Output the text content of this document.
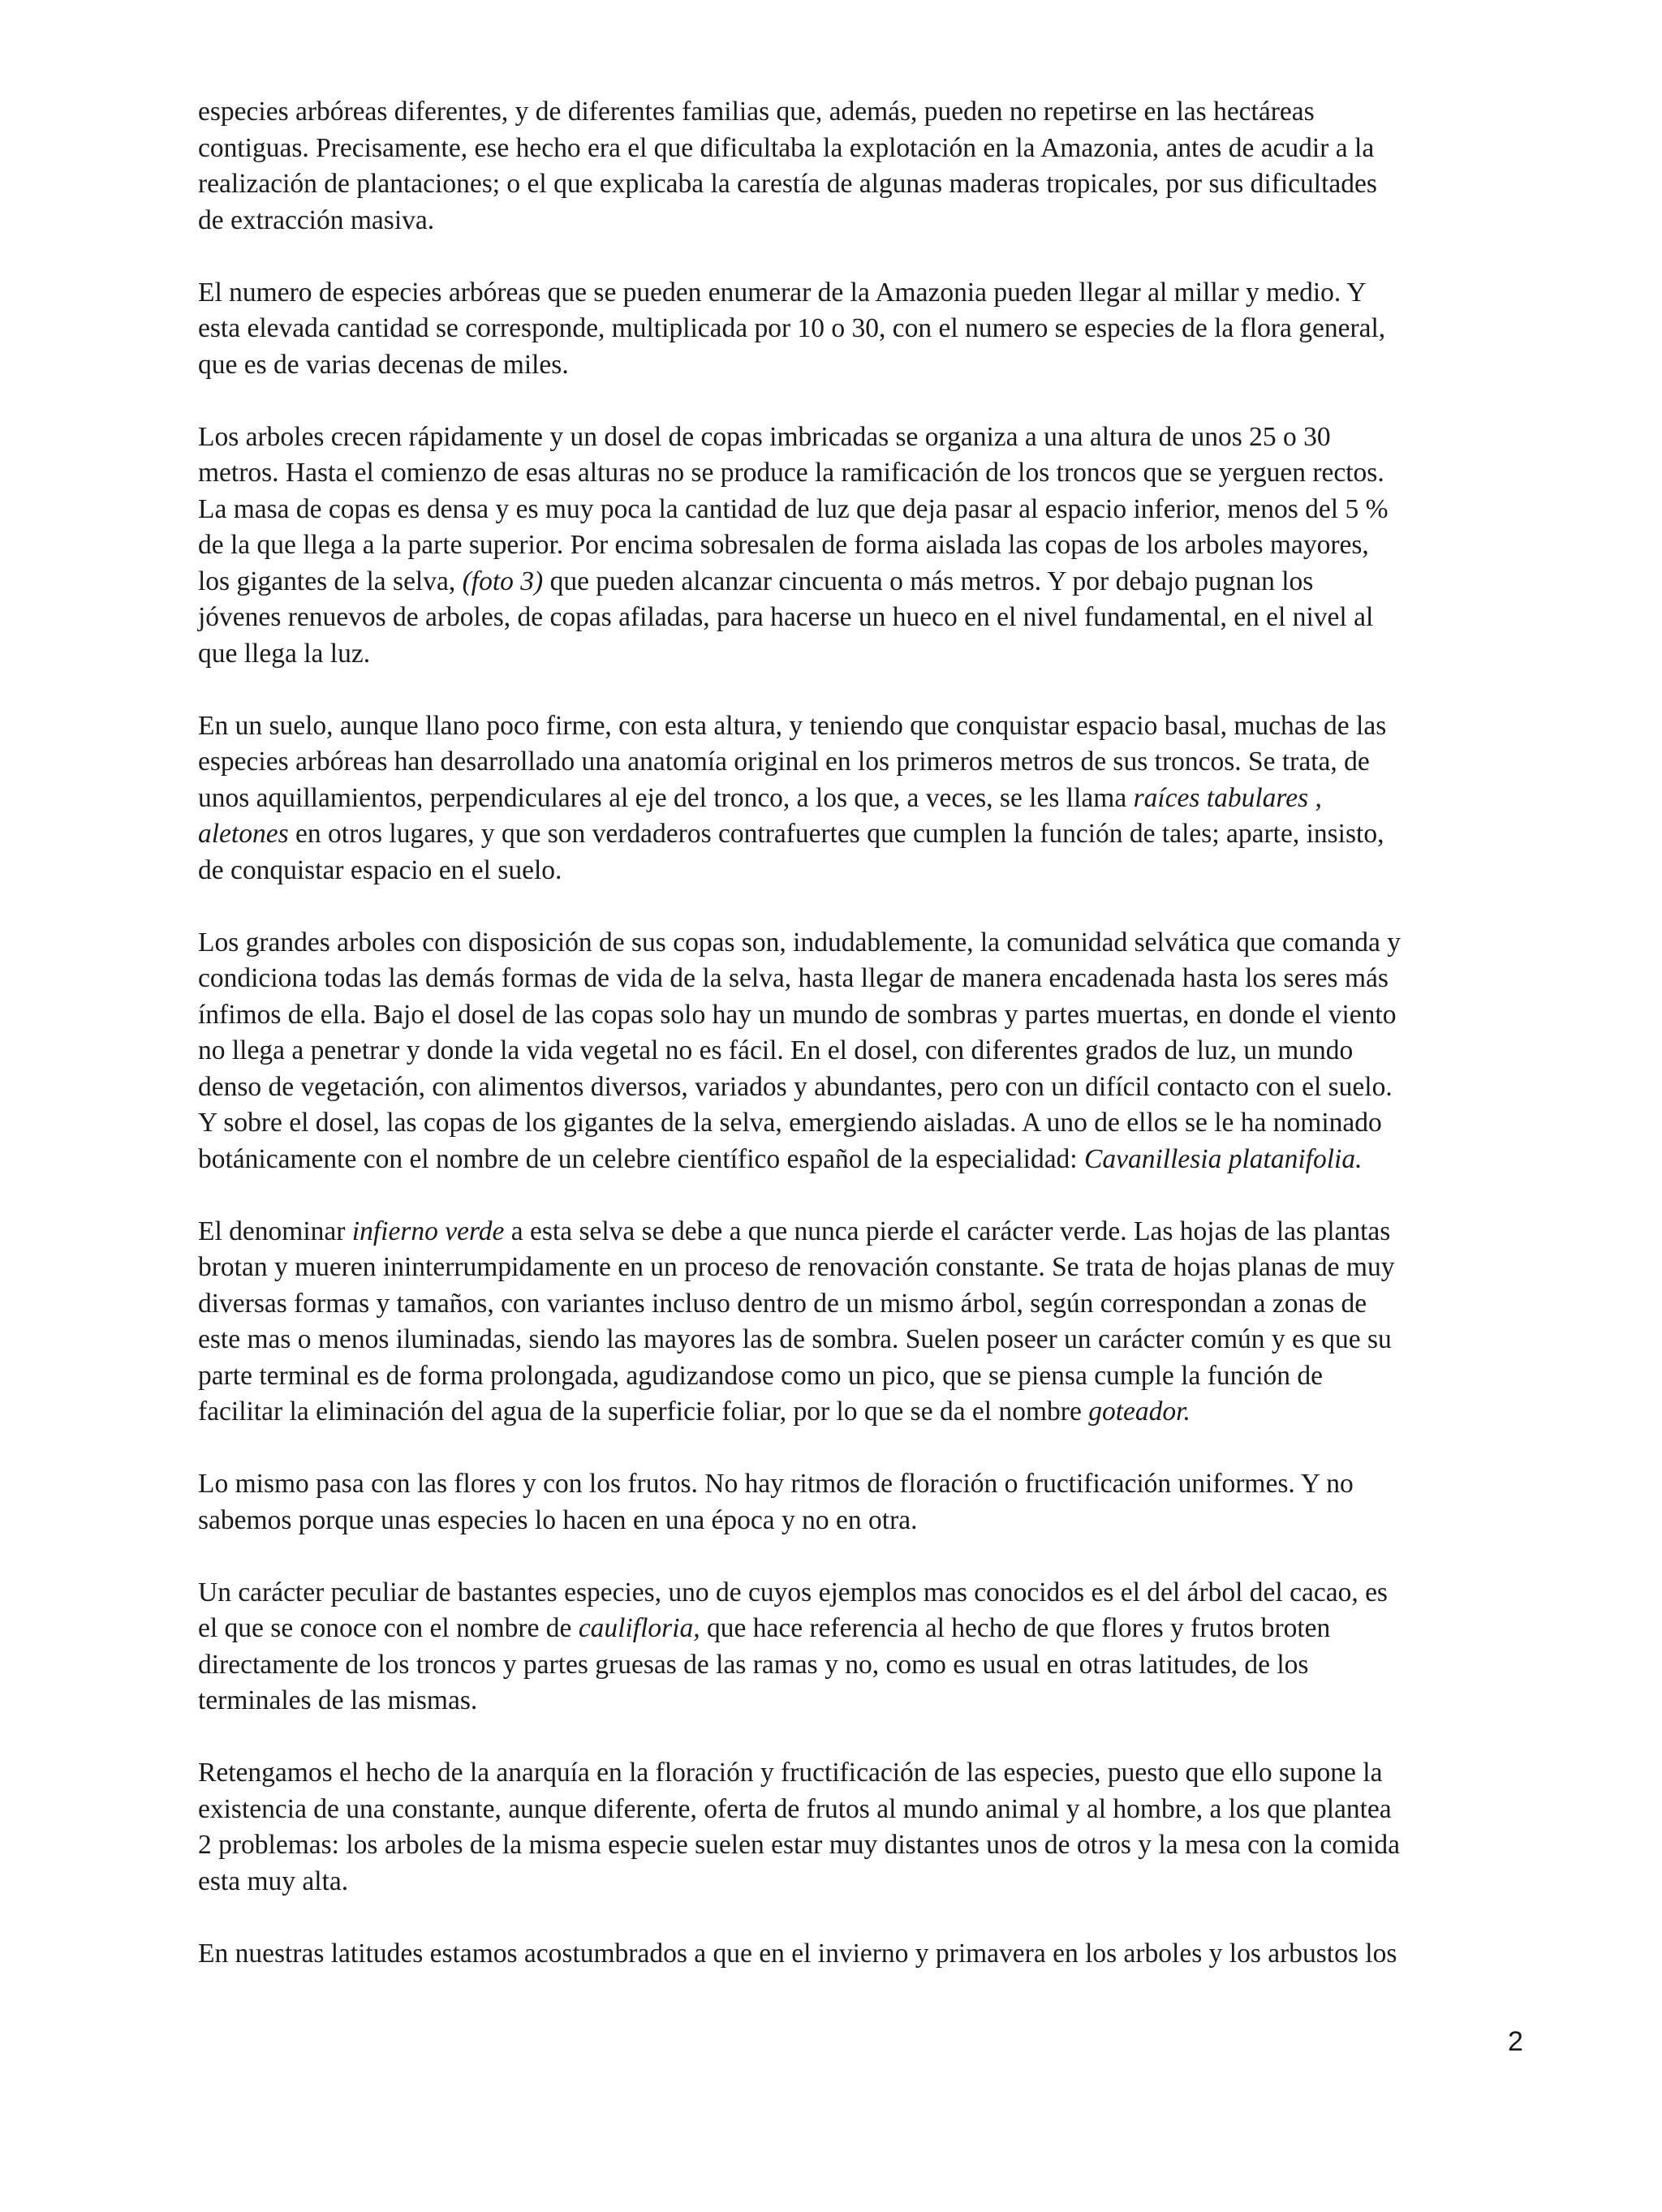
especies arbóreas diferentes, y de diferentes familias que, además, pueden no repetirse en las hectáreas
contiguas. Precisamente, ese hecho era el que dificultaba la explotación en la Amazonia, antes de acudir a la
realización de plantaciones; o el que explicaba la carestía de algunas maderas tropicales, por sus dificultades
de extracción masiva.

El numero de especies arbóreas que se pueden enumerar de la Amazonia pueden llegar al millar y medio. Y
esta elevada cantidad se corresponde, multiplicada por 10 o 30, con el numero se especies de la flora general,
que es de varias decenas de miles.

Los arboles crecen rápidamente y un dosel de copas imbricadas se organiza a una altura de unos 25 o 30
metros. Hasta el comienzo de esas alturas no se produce la ramificación de los troncos que se yerguen rectos.
La masa de copas es densa y es muy poca la cantidad de luz que deja pasar al espacio inferior, menos del 5 %
de la que llega a la parte superior. Por encima sobresalen de forma aislada las copas de los arboles mayores,
los gigantes de la selva, (foto 3) que pueden alcanzar cincuenta o más metros. Y por debajo pugnan los
jóvenes renuevos de arboles, de copas afiladas, para hacerse un hueco en el nivel fundamental, en el nivel al
que llega la luz.

En un suelo, aunque llano poco firme, con esta altura, y teniendo que conquistar espacio basal, muchas de las
especies arbóreas han desarrollado una anatomía original en los primeros metros de sus troncos. Se trata, de
unos aquillamientos, perpendiculares al eje del tronco, a los que, a veces, se les llama raíces tabulares ,
aletones en otros lugares, y que son verdaderos contrafuertes que cumplen la función de tales; aparte, insisto,
de conquistar espacio en el suelo.

Los grandes arboles con disposición de sus copas son, indudablemente, la comunidad selvática que comanda y
condiciona todas las demás formas de vida de la selva, hasta llegar de manera encadenada hasta los seres más
ínfimos de ella. Bajo el dosel de las copas solo hay un mundo de sombras y partes muertas, en donde el viento
no llega a penetrar y donde la vida vegetal no es fácil. En el dosel, con diferentes grados de luz, un mundo
denso de vegetación, con alimentos diversos, variados y abundantes, pero con un difícil contacto con el suelo.
Y sobre el dosel, las copas de los gigantes de la selva, emergiendo aisladas. A uno de ellos se le ha nominado
botánicamente con el nombre de un celebre científico español de la especialidad: Cavanillesia platanifolia.

El denominar infierno verde a esta selva se debe a que nunca pierde el carácter verde. Las hojas de las plantas
brotan y mueren ininterrumpidamente en un proceso de renovación constante. Se trata de hojas planas de muy
diversas formas y tamaños, con variantes incluso dentro de un mismo árbol, según correspondan a zonas de
este mas o menos iluminadas, siendo las mayores las de sombra. Suelen poseer un carácter común y es que su
parte terminal es de forma prolongada, agudizandose como un pico, que se piensa cumple la función de
facilitar la eliminación del agua de la superficie foliar, por lo que se da el nombre goteador.

Lo mismo pasa con las flores y con los frutos. No hay ritmos de floración o fructificación uniformes. Y no
sabemos porque unas especies lo hacen en una época y no en otra.

Un carácter peculiar de bastantes especies, uno de cuyos ejemplos mas conocidos es el del árbol del cacao, es
el que se conoce con el nombre de caulifloria, que hace referencia al hecho de que flores y frutos broten
directamente de los troncos y partes gruesas de las ramas y no, como es usual en otras latitudes, de los
terminales de las mismas.

Retengamos el hecho de la anarquía en la floración y fructificación de las especies, puesto que ello supone la
existencia de una constante, aunque diferente, oferta de frutos al mundo animal y al hombre, a los que plantea
2 problemas: los arboles de la misma especie suelen estar muy distantes unos de otros y la mesa con la comida
esta muy alta.

En nuestras latitudes estamos acostumbrados a que en el invierno y primavera en los arboles y los arbustos los

2
